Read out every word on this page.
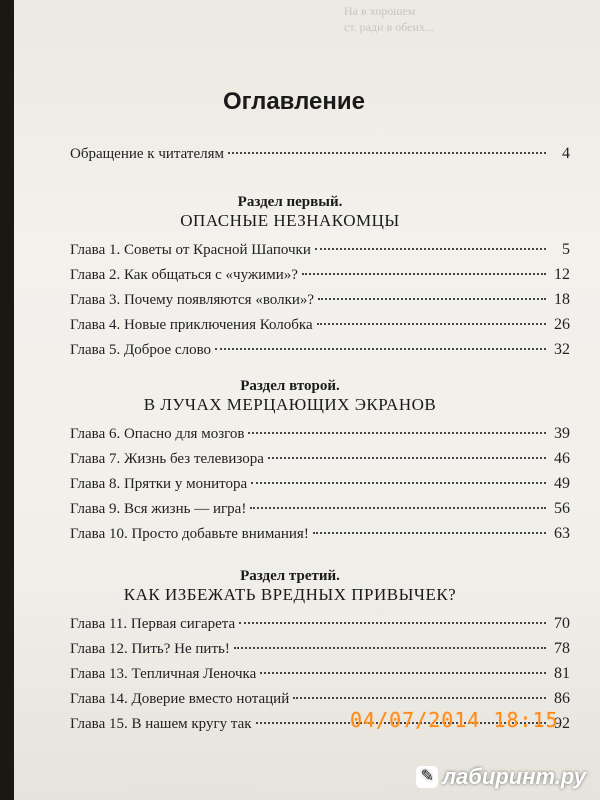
На в хорошем
ст. ради в обеих...
Оглавление
Обращение к читателям	4
Раздел первый.
ОПАСНЫЕ НЕЗНАКОМЦЫ
Глава 1. Советы от Красной Шапочки	5
Глава 2. Как общаться с «чужими»?	12
Глава 3. Почему появляются «волки»?	18
Глава 4. Новые приключения Колобка	26
Глава 5. Доброе слово	32
Раздел второй.
В ЛУЧАХ МЕРЦАЮЩИХ ЭКРАНОВ
Глава 6. Опасно для мозгов	39
Глава 7. Жизнь без телевизора	46
Глава 8. Прятки у монитора	49
Глава 9. Вся жизнь — игра!	56
Глава 10. Просто добавьте внимания!	63
Раздел третий.
КАК ИЗБЕЖАТЬ ВРЕДНЫХ ПРИВЫЧЕК?
Глава 11. Первая сигарета	70
Глава 12. Пить? Не пить!	78
Глава 13. Тепличная Леночка	81
Глава 14. Доверие вместо нотаций	86
Глава 15. В нашем кругу так	92
04/07/2014 18:15
✎ лабиринт.ру
